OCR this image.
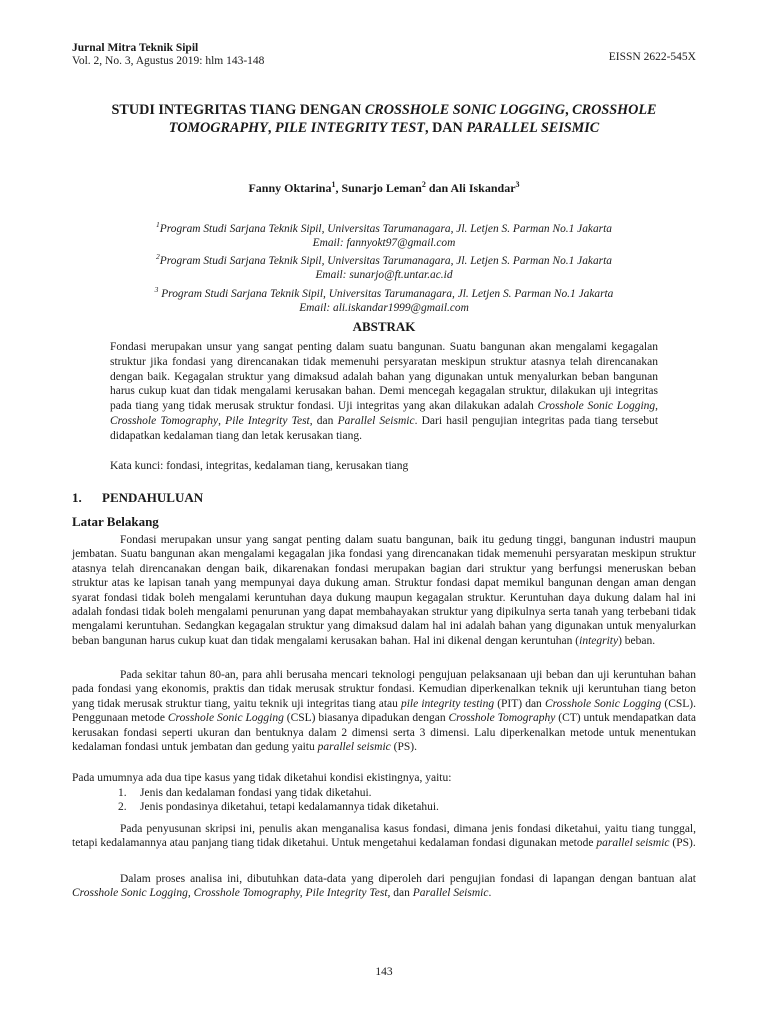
Jurnal Mitra Teknik Sipil
Vol. 2, No. 3, Agustus 2019: hlm 143-148	EISSN 2622-545X
STUDI INTEGRITAS TIANG DENGAN CROSSHOLE SONIC LOGGING, CROSSHOLE TOMOGRAPHY, PILE INTEGRITY TEST, DAN PARALLEL SEISMIC
Fanny Oktarina$^1$, Sunarjo Leman$^2$ dan Ali Iskandar$^3$
$^1$Program Studi Sarjana Teknik Sipil, Universitas Tarumanagara, Jl. Letjen S. Parman No.1 Jakarta
Email: fannyokt97@gmail.com
$^2$Program Studi Sarjana Teknik Sipil, Universitas Tarumanagara, Jl. Letjen S. Parman No.1 Jakarta
Email: sunarjo@ft.untar.ac.id
$^3$ Program Studi Sarjana Teknik Sipil, Universitas Tarumanagara, Jl. Letjen S. Parman No.1 Jakarta
Email: ali.iskandar1999@gmail.com
ABSTRAK
Fondasi merupakan unsur yang sangat penting dalam suatu bangunan. Suatu bangunan akan mengalami kegagalan struktur jika fondasi yang direncanakan tidak memenuhi persyaratan meskipun struktur atasnya telah direncanakan dengan baik. Kegagalan struktur yang dimaksud adalah bahan yang digunakan untuk menyalurkan beban bangunan harus cukup kuat dan tidak mengalami kerusakan bahan. Demi mencegah kegagalan struktur, dilakukan uji integritas pada tiang yang tidak merusak struktur fondasi. Uji integritas yang akan dilakukan adalah Crosshole Sonic Logging, Crosshole Tomography, Pile Integrity Test, dan Parallel Seismic. Dari hasil pengujian integritas pada tiang tersebut didapatkan kedalaman tiang dan letak kerusakan tiang.
Kata kunci: fondasi, integritas, kedalaman tiang, kerusakan tiang
1. PENDAHULUAN
Latar Belakang
Fondasi merupakan unsur yang sangat penting dalam suatu bangunan, baik itu gedung tinggi, bangunan industri maupun jembatan. Suatu bangunan akan mengalami kegagalan jika fondasi yang direncanakan tidak memenuhi persyaratan meskipun struktur atasnya telah direncanakan dengan baik, dikarenakan fondasi merupakan bagian dari struktur yang berfungsi meneruskan beban struktur atas ke lapisan tanah yang mempunyai daya dukung aman. Struktur fondasi dapat memikul bangunan dengan aman dengan syarat fondasi tidak boleh mengalami keruntuhan daya dukung maupun kegagalan struktur. Keruntuhan daya dukung dalam hal ini adalah fondasi tidak boleh mengalami penurunan yang dapat membahayakan struktur yang dipikulnya serta tanah yang terbebani tidak mengalami keruntuhan. Sedangkan kegagalan struktur yang dimaksud dalam hal ini adalah bahan yang digunakan untuk menyalurkan beban bangunan harus cukup kuat dan tidak mengalami kerusakan bahan. Hal ini dikenal dengan keruntuhan (integrity) beban.
Pada sekitar tahun 80-an, para ahli berusaha mencari teknologi pengujuan pelaksanaan uji beban dan uji keruntuhan bahan pada fondasi yang ekonomis, praktis dan tidak merusak struktur fondasi. Kemudian diperkenalkan teknik uji keruntuhan tiang beton yang tidak merusak struktur tiang, yaitu teknik uji integritas tiang atau pile integrity testing (PIT) dan Crosshole Sonic Logging (CSL). Penggunaan metode Crosshole Sonic Logging (CSL) biasanya dipadukan dengan Crosshole Tomography (CT) untuk mendapatkan data kerusakan fondasi seperti ukuran dan bentuknya dalam 2 dimensi serta 3 dimensi. Lalu diperkenalkan metode untuk menentukan kedalaman fondasi untuk jembatan dan gedung yaitu parallel seismic (PS).
Pada umumnya ada dua tipe kasus yang tidak diketahui kondisi ekistingnya, yaitu:
1. Jenis dan kedalaman fondasi yang tidak diketahui.
2. Jenis pondasinya diketahui, tetapi kedalamannya tidak diketahui.
Pada penyusunan skripsi ini, penulis akan menganalisa kasus fondasi, dimana jenis fondasi diketahui, yaitu tiang tunggal, tetapi kedalamannya atau panjang tiang tidak diketahui. Untuk mengetahui kedalaman fondasi digunakan metode parallel seismic (PS).
Dalam proses analisa ini, dibutuhkan data-data yang diperoleh dari pengujian fondasi di lapangan dengan bantuan alat Crosshole Sonic Logging, Crosshole Tomography, Pile Integrity Test, dan Parallel Seismic.
143
